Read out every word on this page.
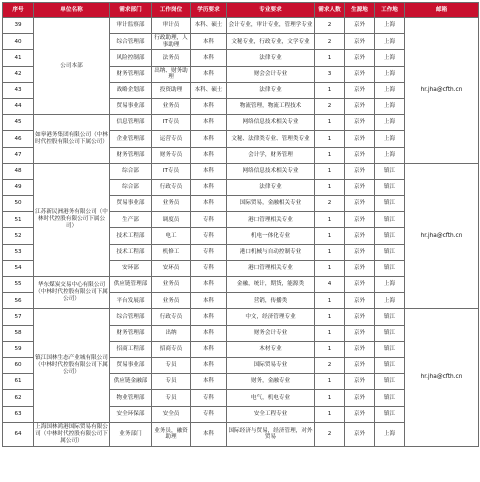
序号	单位名称	需求部门	工作岗位	学历要求	专业要求	需求人数	生源地	工作地	邮箱
39	公司本部	审计监察部	审计员	本科、硕士	会计专业，审计专业，管理学专业	2	京外	上海	hr.jha@cfth.cn
40		综合管理部	行政助理，人事助理	本科	文秘专业，行政专业，文学专业	2	京外	上海	
41		风险控制部	法务员	本科	法律专业	1	京外	上海	
42		财务管理部	出纳、财务助理	本科	财会会计专业	3	京外	上海	
43		战略企划部	投资助理	本科、硕士	法律专业	1	京外	上海	
44		贸易事业部	业务员	本科	物流管理，物流工程技术	2	京外	上海	
45	如皋港务集团有限公司（中林时代控股有限公司下属公司）	信息管理部	IT专员	本科	网络信息技术相关专业	1	京外	上海	
46		企业管理部	运营专员	本科	文秘、法律类专业、管理类专业	1	京外	上海	
47		财务管理部	财务专员	本科	会计学，财务管理	1	京外	上海	
48	江苏新民洲港务有限公司（中林时代控股有限公司下属公司）	综合部	IT专员	本科	网络信息技术相关专业	1	京外	镇江	hr.jha@cfth.cn
49		综合部	行政专员	本科	法律专业	1	京外	镇江	
50		贸易事业部	业务员	本科	国际贸易，金融相关专业	2	京外	镇江	
51		生产部	调度员	专科	港口管理相关专业	1	京外	镇江	
52		技术工程部	电工	专科	机电一体化专业	1	京外	镇江	
53		技术工程部	机修工	专科	港口机械与自动控制专业	1	京外	镇江	
54		安环部	安环员	专科	港口管理相关专业	1	京外	镇江	
55	华东煤炭交易中心有限公司（中林时代控股有限公司下属公司）	供应链管理部	业务员	本科	金融，统计，期货，能源类	4	京外	上海	
56		平台发展部	业务员	本科	营销，传播类	1	京外	上海	
57	镇江国林生态产业城有限公司（中林时代控股有限公司下属公司）	综合管理部	行政专员	本科	中文，经济管理专业	1	京外	镇江	hr.jha@cfth.cn
58		财务管理部	出纳	本科	财务会计专业	1	京外	镇江	
59		招商工程部	招商专员	本科	木材专业	1	京外	镇江	
60		贸易事业部	专员	本科	国际贸易专业	2	京外	镇江	
61		供应链金融部	专员	本科	财务，金融专业	1	京外	镇江	
62		物业管理部	专员	专科	电气，机电专业	1	京外	镇江	
63		安全环保部	安全员	专科	安全工程专业	1	京外	镇江	
64	上海国林鸿港国际贸易有限公司（中林时代控股有限公司下属公司）	业务部门	业务员，融资助理	本科	国际经济与贸易，经济管理，对外贸易	2	京外	上海	
